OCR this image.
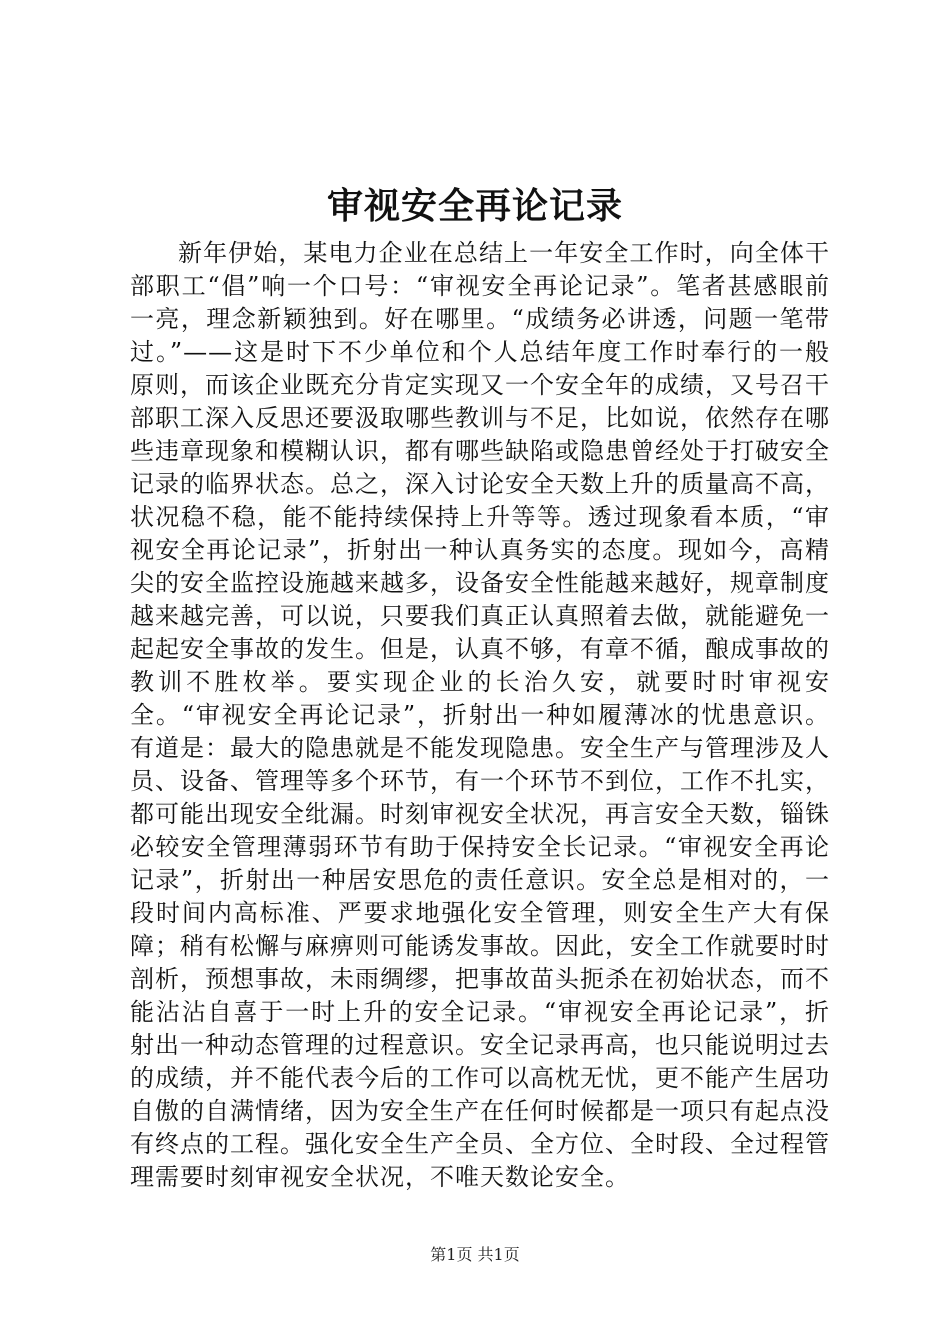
审视安全再论记录

新年伊始，某电力企业在总结上一年安全工作时，向全体干部职工“倡”响一个口号：“审视安全再论记录”。笔者甚感眼前一亮，理念新颖独到。好在哪里。“成绩务必讲透，问题一笔带过。”——这是时下不少单位和个人总结年度工作时奉行的一般原则，而该企业既充分肯定实现又一个安全年的成绩，又号召干部职工深入反思还要汲取哪些教训与不足，比如说，依然存在哪些违章现象和模糊认识，都有哪些缺陷或隐患曾经处于打破安全记录的临界状态。总之，深入讨论安全天数上升的质量高不高，状况稳不稳，能不能持续保持上升等等。透过现象看本质，“审视安全再论记录”，折射出一种认真务实的态度。现如今，高精尖的安全监控设施越来越多，设备安全性能越来越好，规章制度越来越完善，可以说，只要我们真正认真照着去做，就能避免一起起安全事故的发生。但是，认真不够，有章不循，酿成事故的教训不胜枚举。要实现企业的长治久安，就要时时审视安全。“审视安全再论记录”，折射出一种如履薄冰的忧患意识。有道是：最大的隐患就是不能发现隐患。安全生产与管理涉及人员、设备、管理等多个环节，有一个环节不到位，工作不扎实，都可能出现安全纰漏。时刻审视安全状况，再言安全天数，锱铢必较安全管理薄弱环节有助于保持安全长记录。“审视安全再论记录”，折射出一种居安思危的责任意识。安全总是相对的，一段时间内高标准、严要求地强化安全管理，则安全生产大有保障；稍有松懈与麻痹则可能诱发事故。因此，安全工作就要时时剖析，预想事故，未雨绸缪，把事故苗头扼杀在初始状态，而不能沾沾自喜于一时上升的安全记录。“审视安全再论记录”，折射出一种动态管理的过程意识。安全记录再高，也只能说明过去的成绩，并不能代表今后的工作可以高枕无忧，更不能产生居功自傲的自满情绪，因为安全生产在任何时候都是一项只有起点没有终点的工程。强化安全生产全员、全方位、全时段、全过程管理需要时刻审视安全状况，不唯天数论安全。

第1页 共1页
